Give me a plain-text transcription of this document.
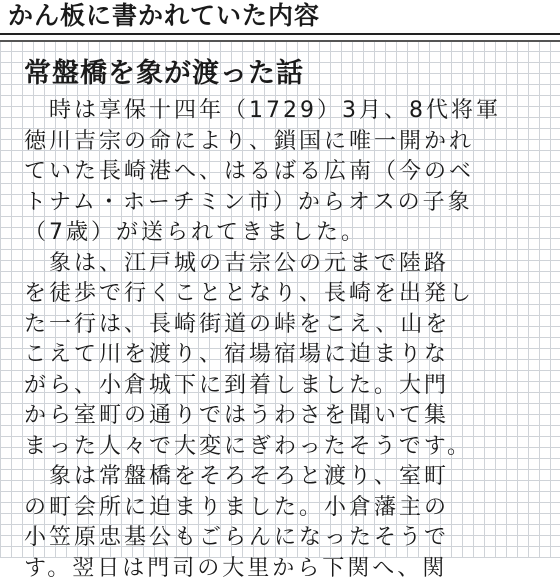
かん板に書かれていた内容
常盤橋を象が渡った話
　時は享保十四年（1729）3月、8代将軍
徳川吉宗の命により、鎖国に唯一開かれ
ていた長崎港へ、はるばる広南（今のベ
トナム・ホーチミン市）からオスの子象
（7歳）が送られてきました。
　象は、江戸城の吉宗公の元まで陸路
を徒歩で行くこととなり、長崎を出発し
た一行は、長崎街道の峠をこえ、山を
こえて川を渡り、宿場宿場に迫まりな
がら、小倉城下に到着しました。大門
から室町の通りではうわさを聞いて集
まった人々で大変にぎわったそうです。
　象は常盤橋をそろそろと渡り、室町
の町会所に迫まりました。小倉藩主の
小笠原忠基公もごらんになったそうで
す。翌日は門司の大里から下関へ、関
